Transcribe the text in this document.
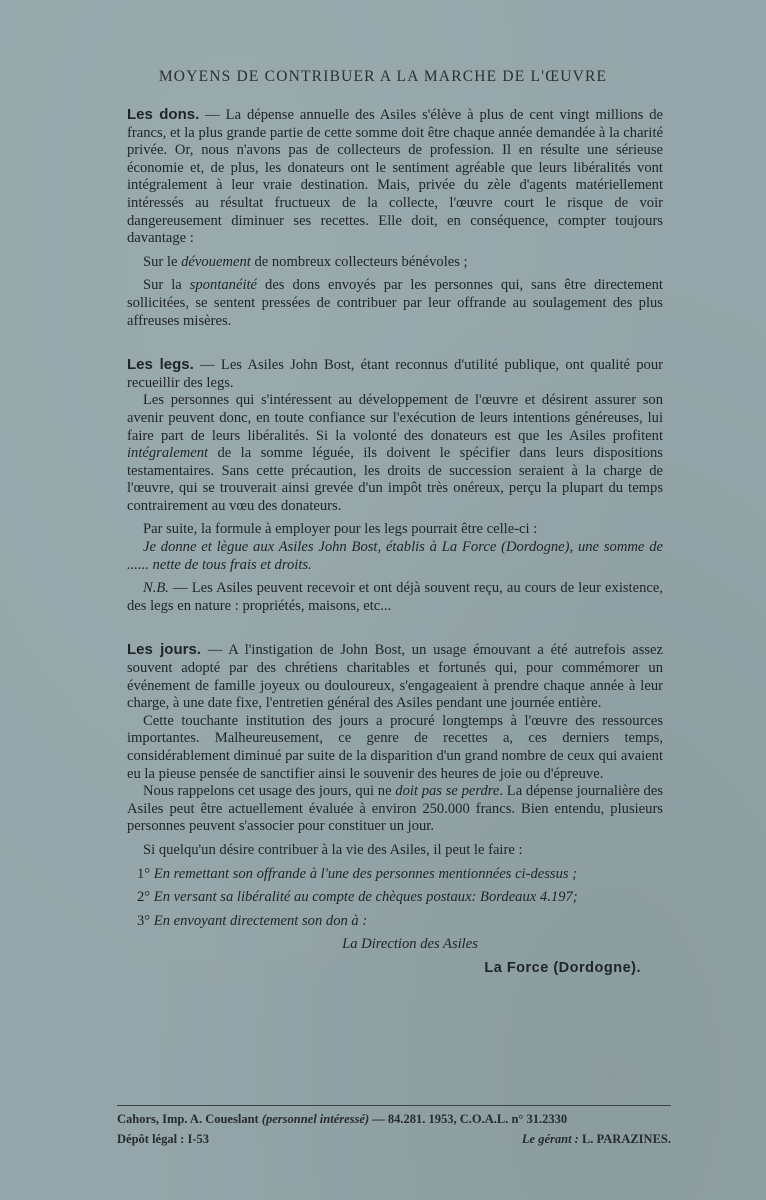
MOYENS DE CONTRIBUER A LA MARCHE DE L'ŒUVRE

Les dons. — La dépense annuelle des Asiles s'élève à plus de cent vingt millions de francs, et la plus grande partie de cette somme doit être chaque année demandée à la charité privée. Or, nous n'avons pas de collecteurs de profession. Il en résulte une sérieuse économie et, de plus, les donateurs ont le sentiment agréable que leurs libéralités vont intégralement à leur vraie destination. Mais, privée du zèle d'agents matériellement intéressés au résultat fructueux de la collecte, l'œuvre court le risque de voir dangereusement diminuer ses recettes. Elle doit, en conséquence, compter toujours davantage :

Sur le dévouement de nombreux collecteurs bénévoles ;

Sur la spontanéité des dons envoyés par les personnes qui, sans être directement sollicitées, se sentent pressées de contribuer par leur offrande au soulagement des plus affreuses misères.

Les legs. — Les Asiles John Bost, étant reconnus d'utilité publique, ont qualité pour recueillir des legs.

Les personnes qui s'intéressent au développement de l'œuvre et désirent assurer son avenir peuvent donc, en toute confiance sur l'exécution de leurs intentions généreuses, lui faire part de leurs libéralités. Si la volonté des donateurs est que les Asiles profitent intégralement de la somme léguée, ils doivent le spécifier dans leurs dispositions testamentaires. Sans cette précaution, les droits de succession seraient à la charge de l'œuvre, qui se trouverait ainsi grevée d'un impôt très onéreux, perçu la plupart du temps contrairement au vœu des donateurs.

Par suite, la formule à employer pour les legs pourrait être celle-ci :

Je donne et lègue aux Asiles John Bost, établis à La Force (Dordogne), une somme de ...... nette de tous frais et droits.

N.B. — Les Asiles peuvent recevoir et ont déjà souvent reçu, au cours de leur existence, des legs en nature : propriétés, maisons, etc...

Les jours. — A l'instigation de John Bost, un usage émouvant a été autrefois assez souvent adopté par des chrétiens charitables et fortunés qui, pour commémorer un événement de famille joyeux ou douloureux, s'engageaient à prendre chaque année à leur charge, à une date fixe, l'entretien général des Asiles pendant une journée entière.

Cette touchante institution des jours a procuré longtemps à l'œuvre des ressources importantes. Malheureusement, ce genre de recettes a, ces derniers temps, considérablement diminué par suite de la disparition d'un grand nombre de ceux qui avaient eu la pieuse pensée de sanctifier ainsi le souvenir des heures de joie ou d'épreuve.

Nous rappelons cet usage des jours, qui ne doit pas se perdre. La dépense journalière des Asiles peut être actuellement évaluée à environ 250.000 francs. Bien entendu, plusieurs personnes peuvent s'associer pour constituer un jour.

Si quelqu'un désire contribuer à la vie des Asiles, il peut le faire :

1° En remettant son offrande à l'une des personnes mentionnées ci-dessus ;

2° En versant sa libéralité au compte de chèques postaux: Bordeaux 4.197;

3° En envoyant directement son don à :

La Direction des Asiles

La Force (Dordogne).

Cahors, Imp. A. Coueslant (personnel intéressé) — 84.281. 1953, C.O.A.L. n° 31.2330
Dépôt légal : I-53	Le gérant : L. PARAZINES.
